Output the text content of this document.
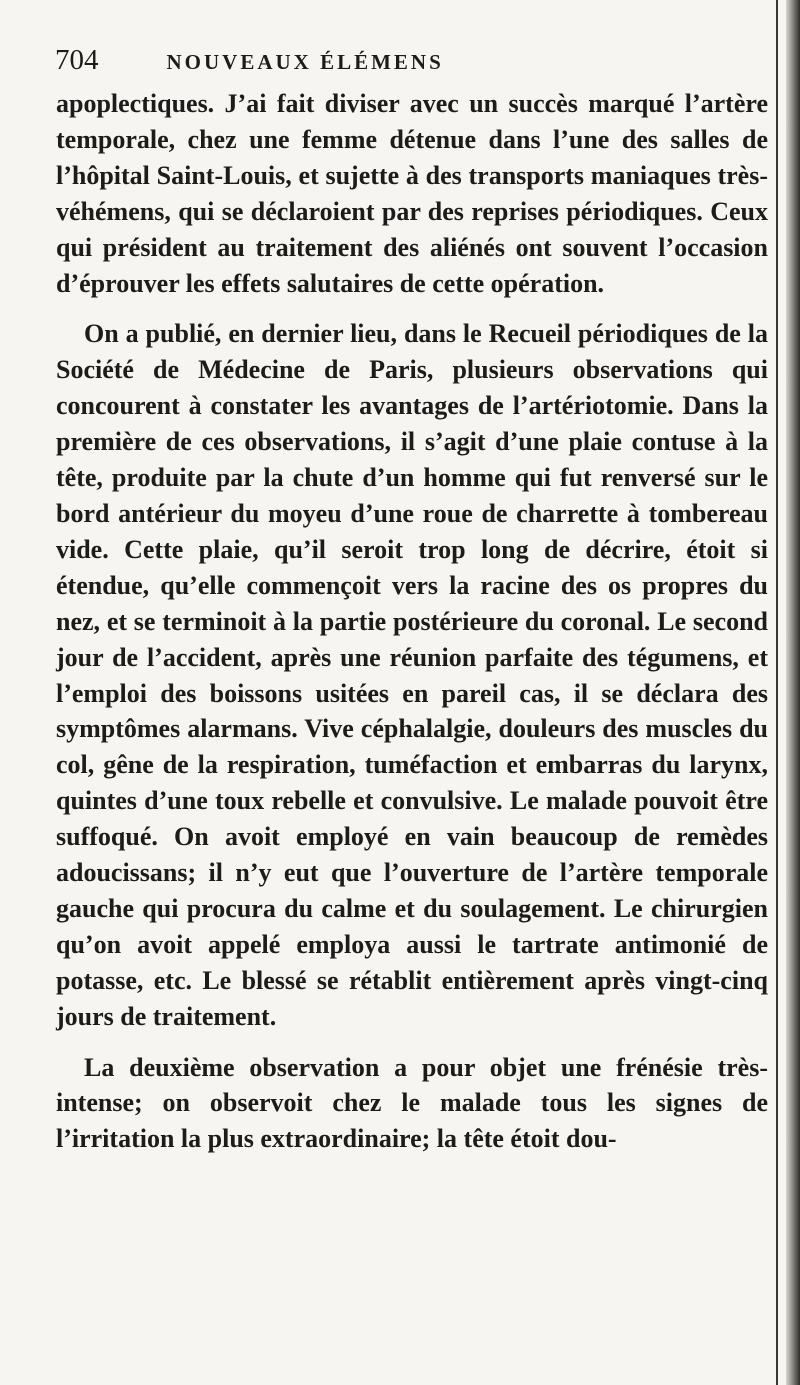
704	NOUVEAUX ÉLÉMENS

apoplectiques. J’ai fait diviser avec un succès marqué l’artère temporale, chez une femme détenue dans l’une des salles de l’hôpital Saint-Louis, et sujette à des transports maniaques très-véhémens, qui se déclaroient par des reprises périodiques. Ceux qui président au traitement des aliénés ont souvent l’occasion d’éprouver les effets salutaires de cette opération.

On a publié, en dernier lieu, dans le Recueil périodiques de la Société de Médecine de Paris, plusieurs observations qui concourent à constater les avantages de l’artériotomie. Dans la première de ces observations, il s’agit d’une plaie contuse à la tête, produite par la chute d’un homme qui fut renversé sur le bord antérieur du moyeu d’une roue de charrette à tombereau vide. Cette plaie, qu’il seroit trop long de décrire, étoit si étendue, qu’elle commençoit vers la racine des os propres du nez, et se terminoit à la partie postérieure du coronal. Le second jour de l’accident, après une réunion parfaite des tégumens, et l’emploi des boissons usitées en pareil cas, il se déclara des symptômes alarmans. Vive céphalalgie, douleurs des muscles du col, gêne de la respiration, tuméfaction et embarras du larynx, quintes d’une toux rebelle et convulsive. Le malade pouvoit être suffoqué. On avoit employé en vain beaucoup de remèdes adoucissans; il n’y eut que l’ouverture de l’artère temporale gauche qui procura du calme et du soulagement. Le chirurgien qu’on avoit appelé employa aussi le tartrate antimonié de potasse, etc. Le blessé se rétablit entièrement après vingt-cinq jours de traitement.

La deuxième observation a pour objet une frénésie très-intense; on observoit chez le malade tous les signes de l’irritation la plus extraordinaire; la tête étoit dou-
